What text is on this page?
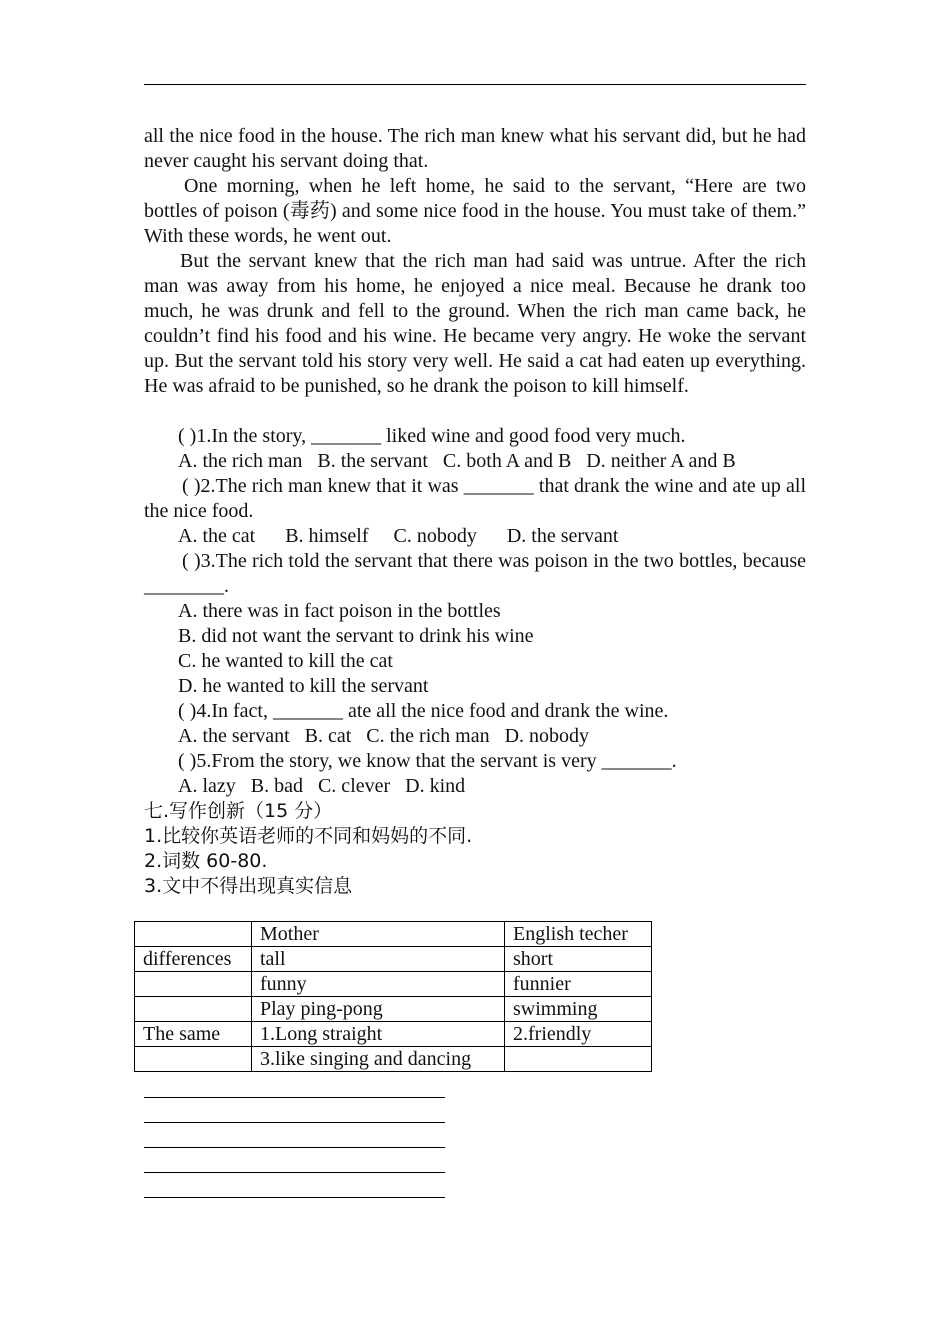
all the nice food in the house. The rich man knew what his servant did, but he had never caught his servant doing that.

One morning, when he left home, he said to the servant, “Here are two bottles of poison (毒药) and some nice food in the house. You must take of them.” With these words, he went out.

But the servant knew that the rich man had said was untrue. After the rich man was away from his home, he enjoyed a nice meal. Because he drank too much, he was drunk and fell to the ground. When the rich man came back, he couldn’t find his food and his wine. He became very angry. He woke the servant up. But the servant told his story very well. He said a cat had eaten up everything. He was afraid to be punished, so he drank the poison to kill himself.

( )1.In the story, _______ liked wine and good food very much.

A. the rich man   B. the servant   C. both A and B   D. neither A and B

( )2.The rich man knew that it was _______ that drank the wine and ate up all the nice food.

A. the cat      B. himself     C. nobody      D. the servant

( )3.The rich told the servant that there was poison in the two bottles, because ________.

A. there was in fact poison in the bottles

B. did not want the servant to drink his wine

C. he wanted to kill the cat

D. he wanted to kill the servant

( )4.In fact, _______ ate all the nice food and drank the wine.

A. the servant   B. cat   C. the rich man   D. nobody

( )5.From the story, we know that the servant is very _______.

A. lazy   B. bad   C. clever   D. kind

七.写作创新（15 分）

1.比较你英语老师的不同和妈妈的不同.

2.词数 60-80.

3.文中不得出现真实信息

	Mother	English techer
differences	tall	short
	funny	funnier
	Play ping-pong	swimming
The same	1.Long straight	2.friendly
	3.like singing and dancing	
